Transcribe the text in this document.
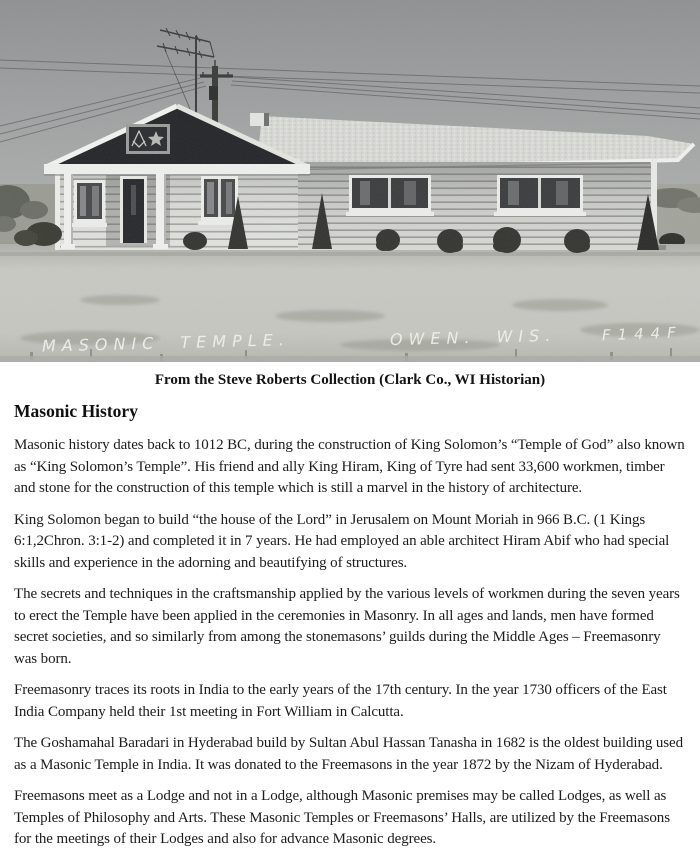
From the Steve Roberts Collection (Clark Co., WI Historian)
Masonic History

Masonic history dates back to 1012 BC, during the construction of King Solomon’s “Temple of God” also known as “King Solomon’s Temple”. His friend and ally King Hiram, King of Tyre had sent 33,600 workmen, timber and stone for the construction of this temple which is still a marvel in the history of architecture.

King Solomon began to build “the house of the Lord” in Jerusalem on Mount Moriah in 966 B.C. (1 Kings 6:1,2Chron. 3:1-2) and completed it in 7 years. He had employed an able architect Hiram Abif who had special skills and experience in the adorning and beautifying of structures.

The secrets and techniques in the craftsmanship applied by the various levels of workmen during the seven years to erect the Temple have been applied in the ceremonies in Masonry. In all ages and lands, men have formed secret societies, and so similarly from among the stonemasons’ guilds during the Middle Ages – Freemasonry was born.

Freemasonry traces its roots in India to the early years of the 17th century. In the year 1730 officers of the East India Company held their 1st meeting in Fort William in Calcutta.

The Goshamahal Baradari in Hyderabad build by Sultan Abul Hassan Tanasha in 1682 is the oldest building used as a Masonic Temple in India. It was donated to the Freemasons in the year 1872 by the Nizam of Hyderabad.

Freemasons meet as a Lodge and not in a Lodge, although Masonic premises may be called Lodges, as well as Temples of Philosophy and Arts. These Masonic Temples or Freemasons’ Halls, are utilized by the Freemasons for the meetings of their Lodges and also for advance Masonic degrees.
